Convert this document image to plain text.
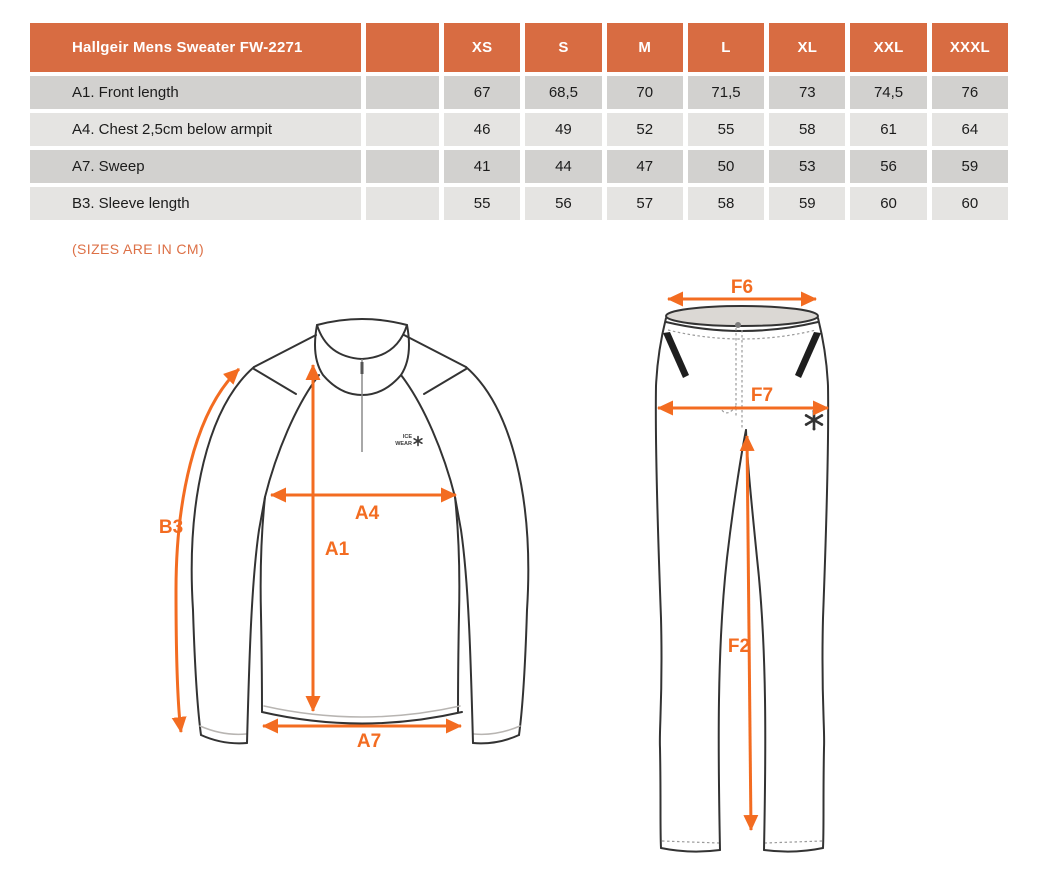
Hallgeir Mens Sweater FW-2271	XS	S	M	L	XL	XXL	XXXL
A1. Front length	67	68,5	70	71,5	73	74,5	76
A4. Chest 2,5cm below armpit	46	49	52	55	58	61	64
A7. Sweep	41	44	47	50	53	56	59
B3. Sleeve length	55	56	57	58	59	60	60
(SIZES ARE IN CM)
ICE
WEAR
B3
A4
A1
A7
F6
F7
F2
